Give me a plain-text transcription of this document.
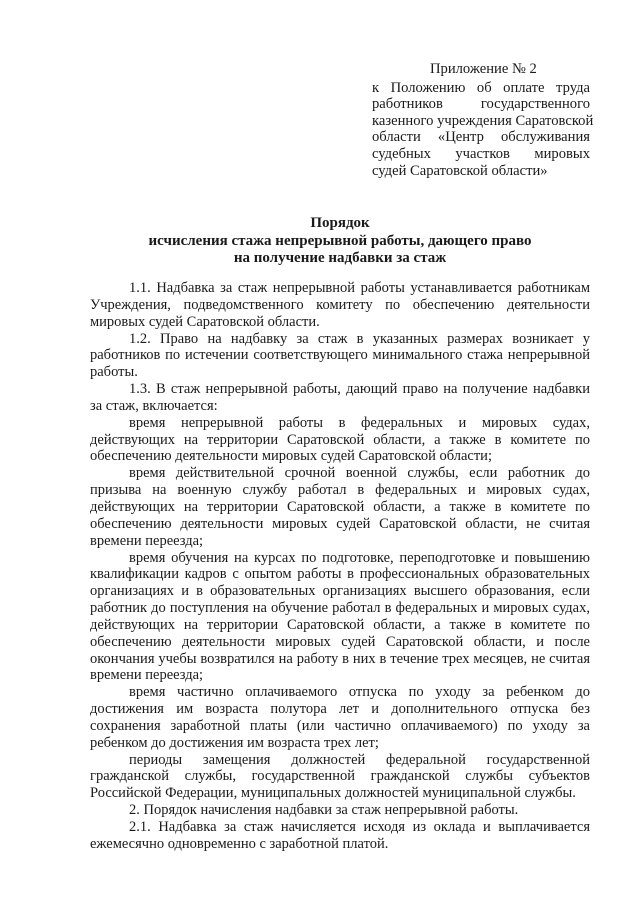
Приложение № 2
к Положению об оплате труда
работников государственного
казенного учреждения Саратовской
области «Центр обслуживания
судебных участков мировых
судей Саратовской области»
Порядок
исчисления стажа непрерывной работы, дающего право
на получение надбавки за стаж

1.1. Надбавка за стаж непрерывной работы устанавливается работникам Учреждения, подведомственного комитету по обеспечению деятельности мировых судей Саратовской области.

1.2. Право на надбавку за стаж в указанных размерах возникает у работников по истечении соответствующего минимального стажа непрерывной работы.

1.3. В стаж непрерывной работы, дающий право на получение надбавки за стаж, включается:

время непрерывной работы в федеральных и мировых судах, действующих на территории Саратовской области, а также в комитете по обеспечению деятельности мировых судей Саратовской области;

время действительной срочной военной службы, если работник до призыва на военную службу работал в федеральных и мировых судах, действующих на территории Саратовской области, а также в комитете по обеспечению деятельности мировых судей Саратовской области, не считая времени переезда;

время обучения на курсах по подготовке, переподготовке и повышению квалификации кадров с опытом работы в профессиональных образовательных организациях и в образовательных организациях высшего образования, если работник до поступления на обучение работал в федеральных и мировых судах, действующих на территории Саратовской области, а также в комитете по обеспечению деятельности мировых судей Саратовской области, и после окончания учебы возвратился на работу в них в течение трех месяцев, не считая времени переезда;

время частично оплачиваемого отпуска по уходу за ребенком до достижения им возраста полутора лет и дополнительного отпуска без сохранения заработной платы (или частично оплачиваемого) по уходу за ребенком до достижения им возраста трех лет;

периоды замещения должностей федеральной государственной гражданской службы, государственной гражданской службы субъектов Российской Федерации, муниципальных должностей муниципальной службы.

2. Порядок начисления надбавки за стаж непрерывной работы.

2.1. Надбавка за стаж начисляется исходя из оклада и выплачивается ежемесячно одновременно с заработной платой.
